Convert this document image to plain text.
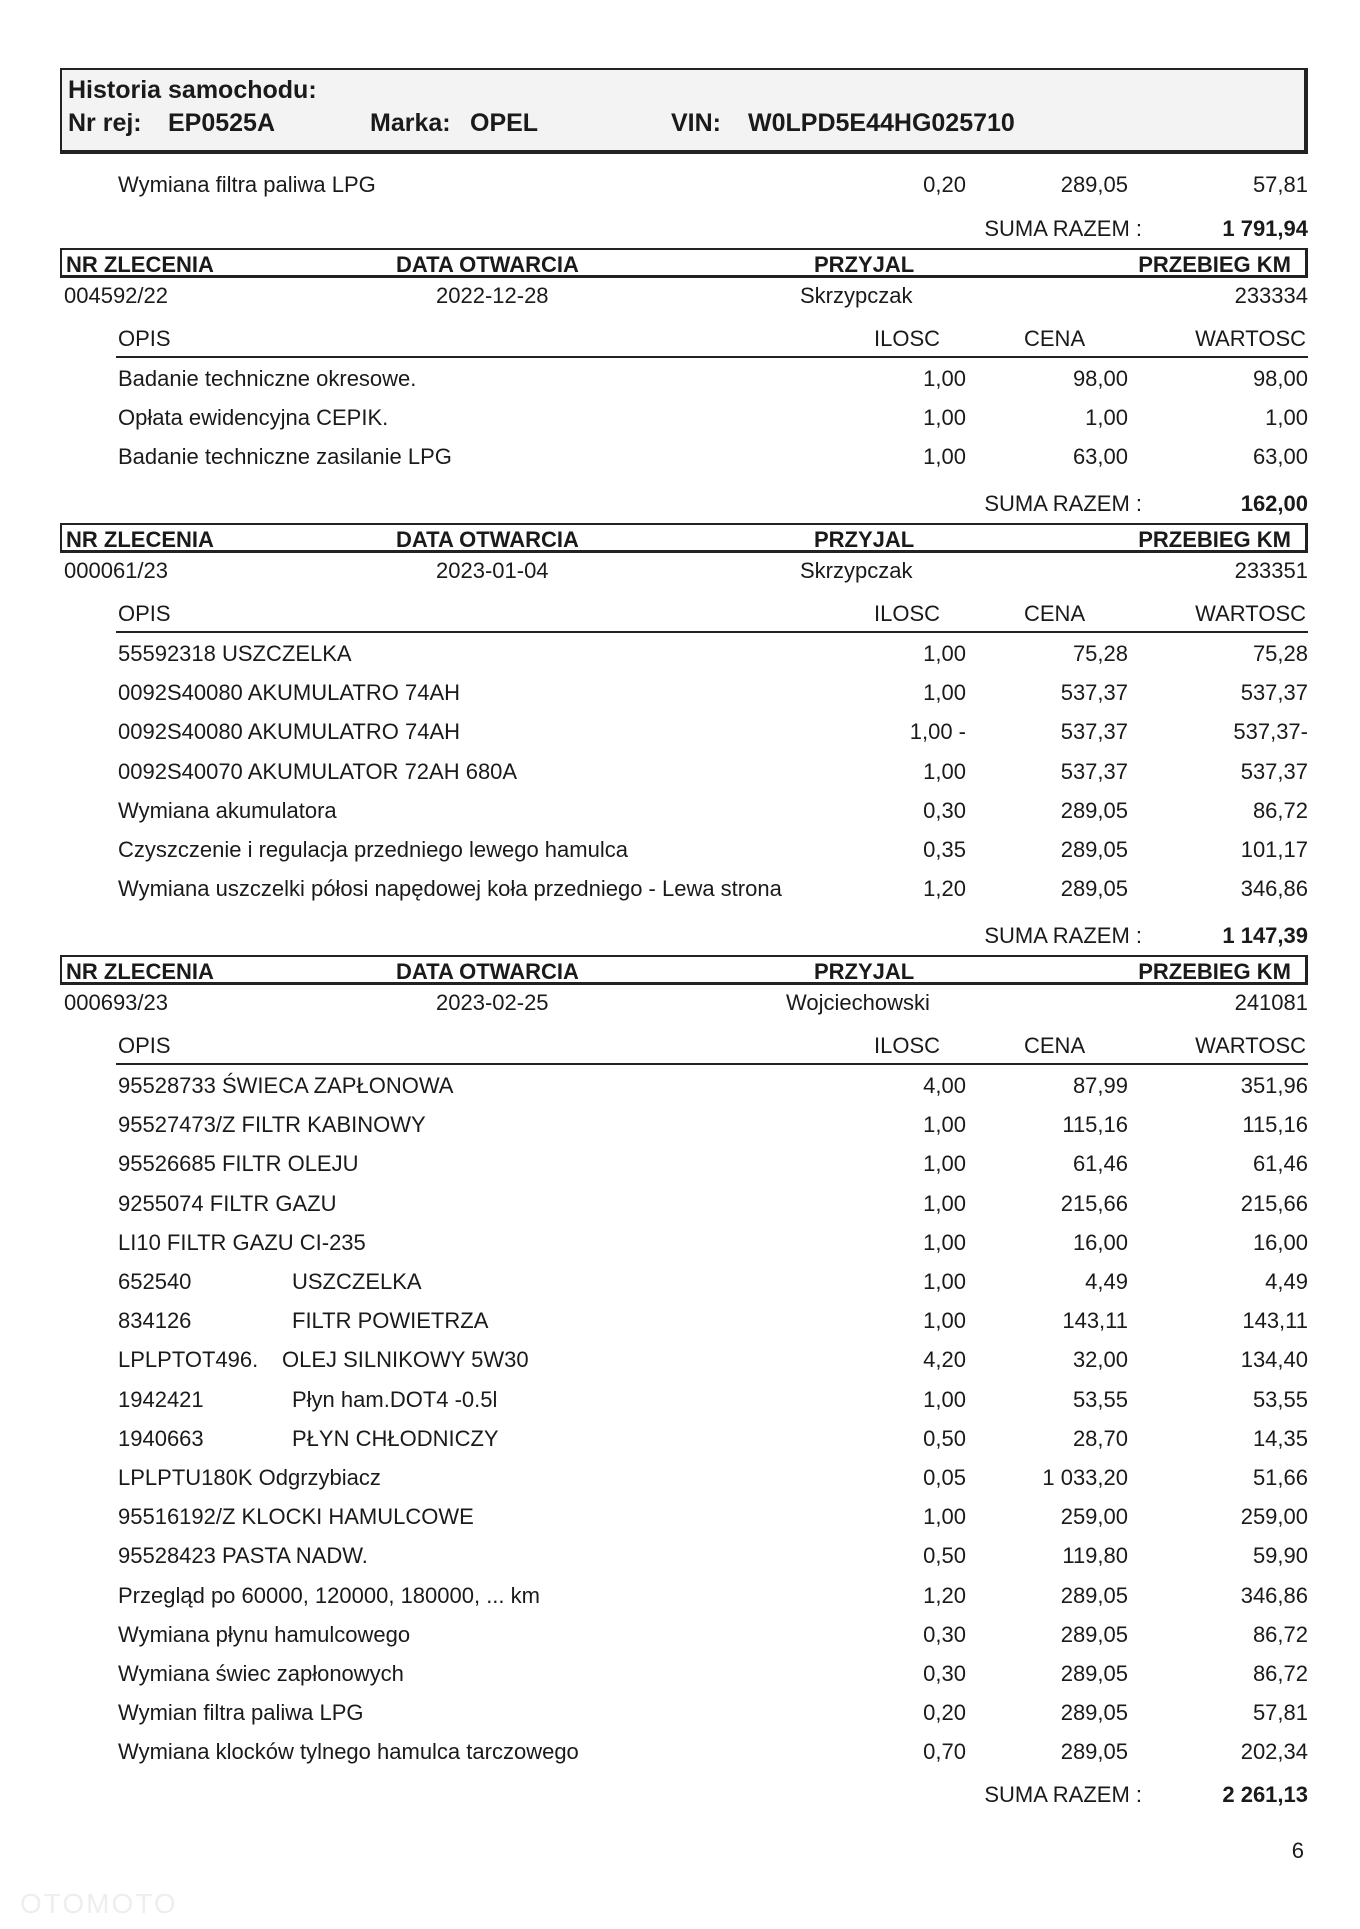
Historia samochodu:
Nr rej: EP0525A	Marka: OPEL	VIN: W0LPD5E44HG025710
Wymiana filtra paliwa LPG	0,20	289,05	57,81
SUMA RAZEM :	1 791,94
NR ZLECENIA	DATA OTWARCIA	PRZYJAL	PRZEBIEG KM
004592/22	2022-12-28	Skrzypczak	233334
OPIS	ILOSC	CENA	WARTOSC
Badanie techniczne okresowe.	1,00	98,00	98,00
Opłata ewidencyjna CEPIK.	1,00	1,00	1,00
Badanie techniczne zasilanie LPG	1,00	63,00	63,00
SUMA RAZEM :	162,00
NR ZLECENIA	DATA OTWARCIA	PRZYJAL	PRZEBIEG KM
000061/23	2023-01-04	Skrzypczak	233351
OPIS	ILOSC	CENA	WARTOSC
55592318 USZCZELKA	1,00	75,28	75,28
0092S40080 AKUMULATRO 74AH	1,00	537,37	537,37
0092S40080 AKUMULATRO 74AH	1,00 -	537,37	537,37-
0092S40070 AKUMULATOR 72AH 680A	1,00	537,37	537,37
Wymiana akumulatora	0,30	289,05	86,72
Czyszczenie i regulacja przedniego lewego hamulca	0,35	289,05	101,17
Wymiana uszczelki półosi napędowej koła przedniego - Lewa strona	1,20	289,05	346,86
SUMA RAZEM :	1 147,39
NR ZLECENIA	DATA OTWARCIA	PRZYJAL	PRZEBIEG KM
000693/23	2023-02-25	Wojciechowski	241081
OPIS	ILOSC	CENA	WARTOSC
95528733 ŚWIECA ZAPŁONOWA	4,00	87,99	351,96
95527473/Z FILTR KABINOWY	1,00	115,16	115,16
95526685 FILTR OLEJU	1,00	61,46	61,46
9255074 FILTR GAZU	1,00	215,66	215,66
LI10 FILTR GAZU CI-235	1,00	16,00	16,00
652540	USZCZELKA	1,00	4,49	4,49
834126	FILTR POWIETRZA	1,00	143,11	143,11
LPLPTOT496. OLEJ SILNIKOWY 5W30	4,20	32,00	134,40
1942421	Płyn ham.DOT4 -0.5l	1,00	53,55	53,55
1940663	PŁYN CHŁODNICZY	0,50	28,70	14,35
LPLPTU180K Odgrzybiacz	0,05	1 033,20	51,66
95516192/Z KLOCKI HAMULCOWE	1,00	259,00	259,00
95528423 PASTA NADW.	0,50	119,80	59,90
Przegląd po 60000, 120000, 180000, ... km	1,20	289,05	346,86
Wymiana płynu hamulcowego	0,30	289,05	86,72
Wymiana świec zapłonowych	0,30	289,05	86,72
Wymian filtra paliwa LPG	0,20	289,05	57,81
Wymiana klocków tylnego hamulca tarczowego	0,70	289,05	202,34
SUMA RAZEM :	2 261,13
6
OTOMOTO
